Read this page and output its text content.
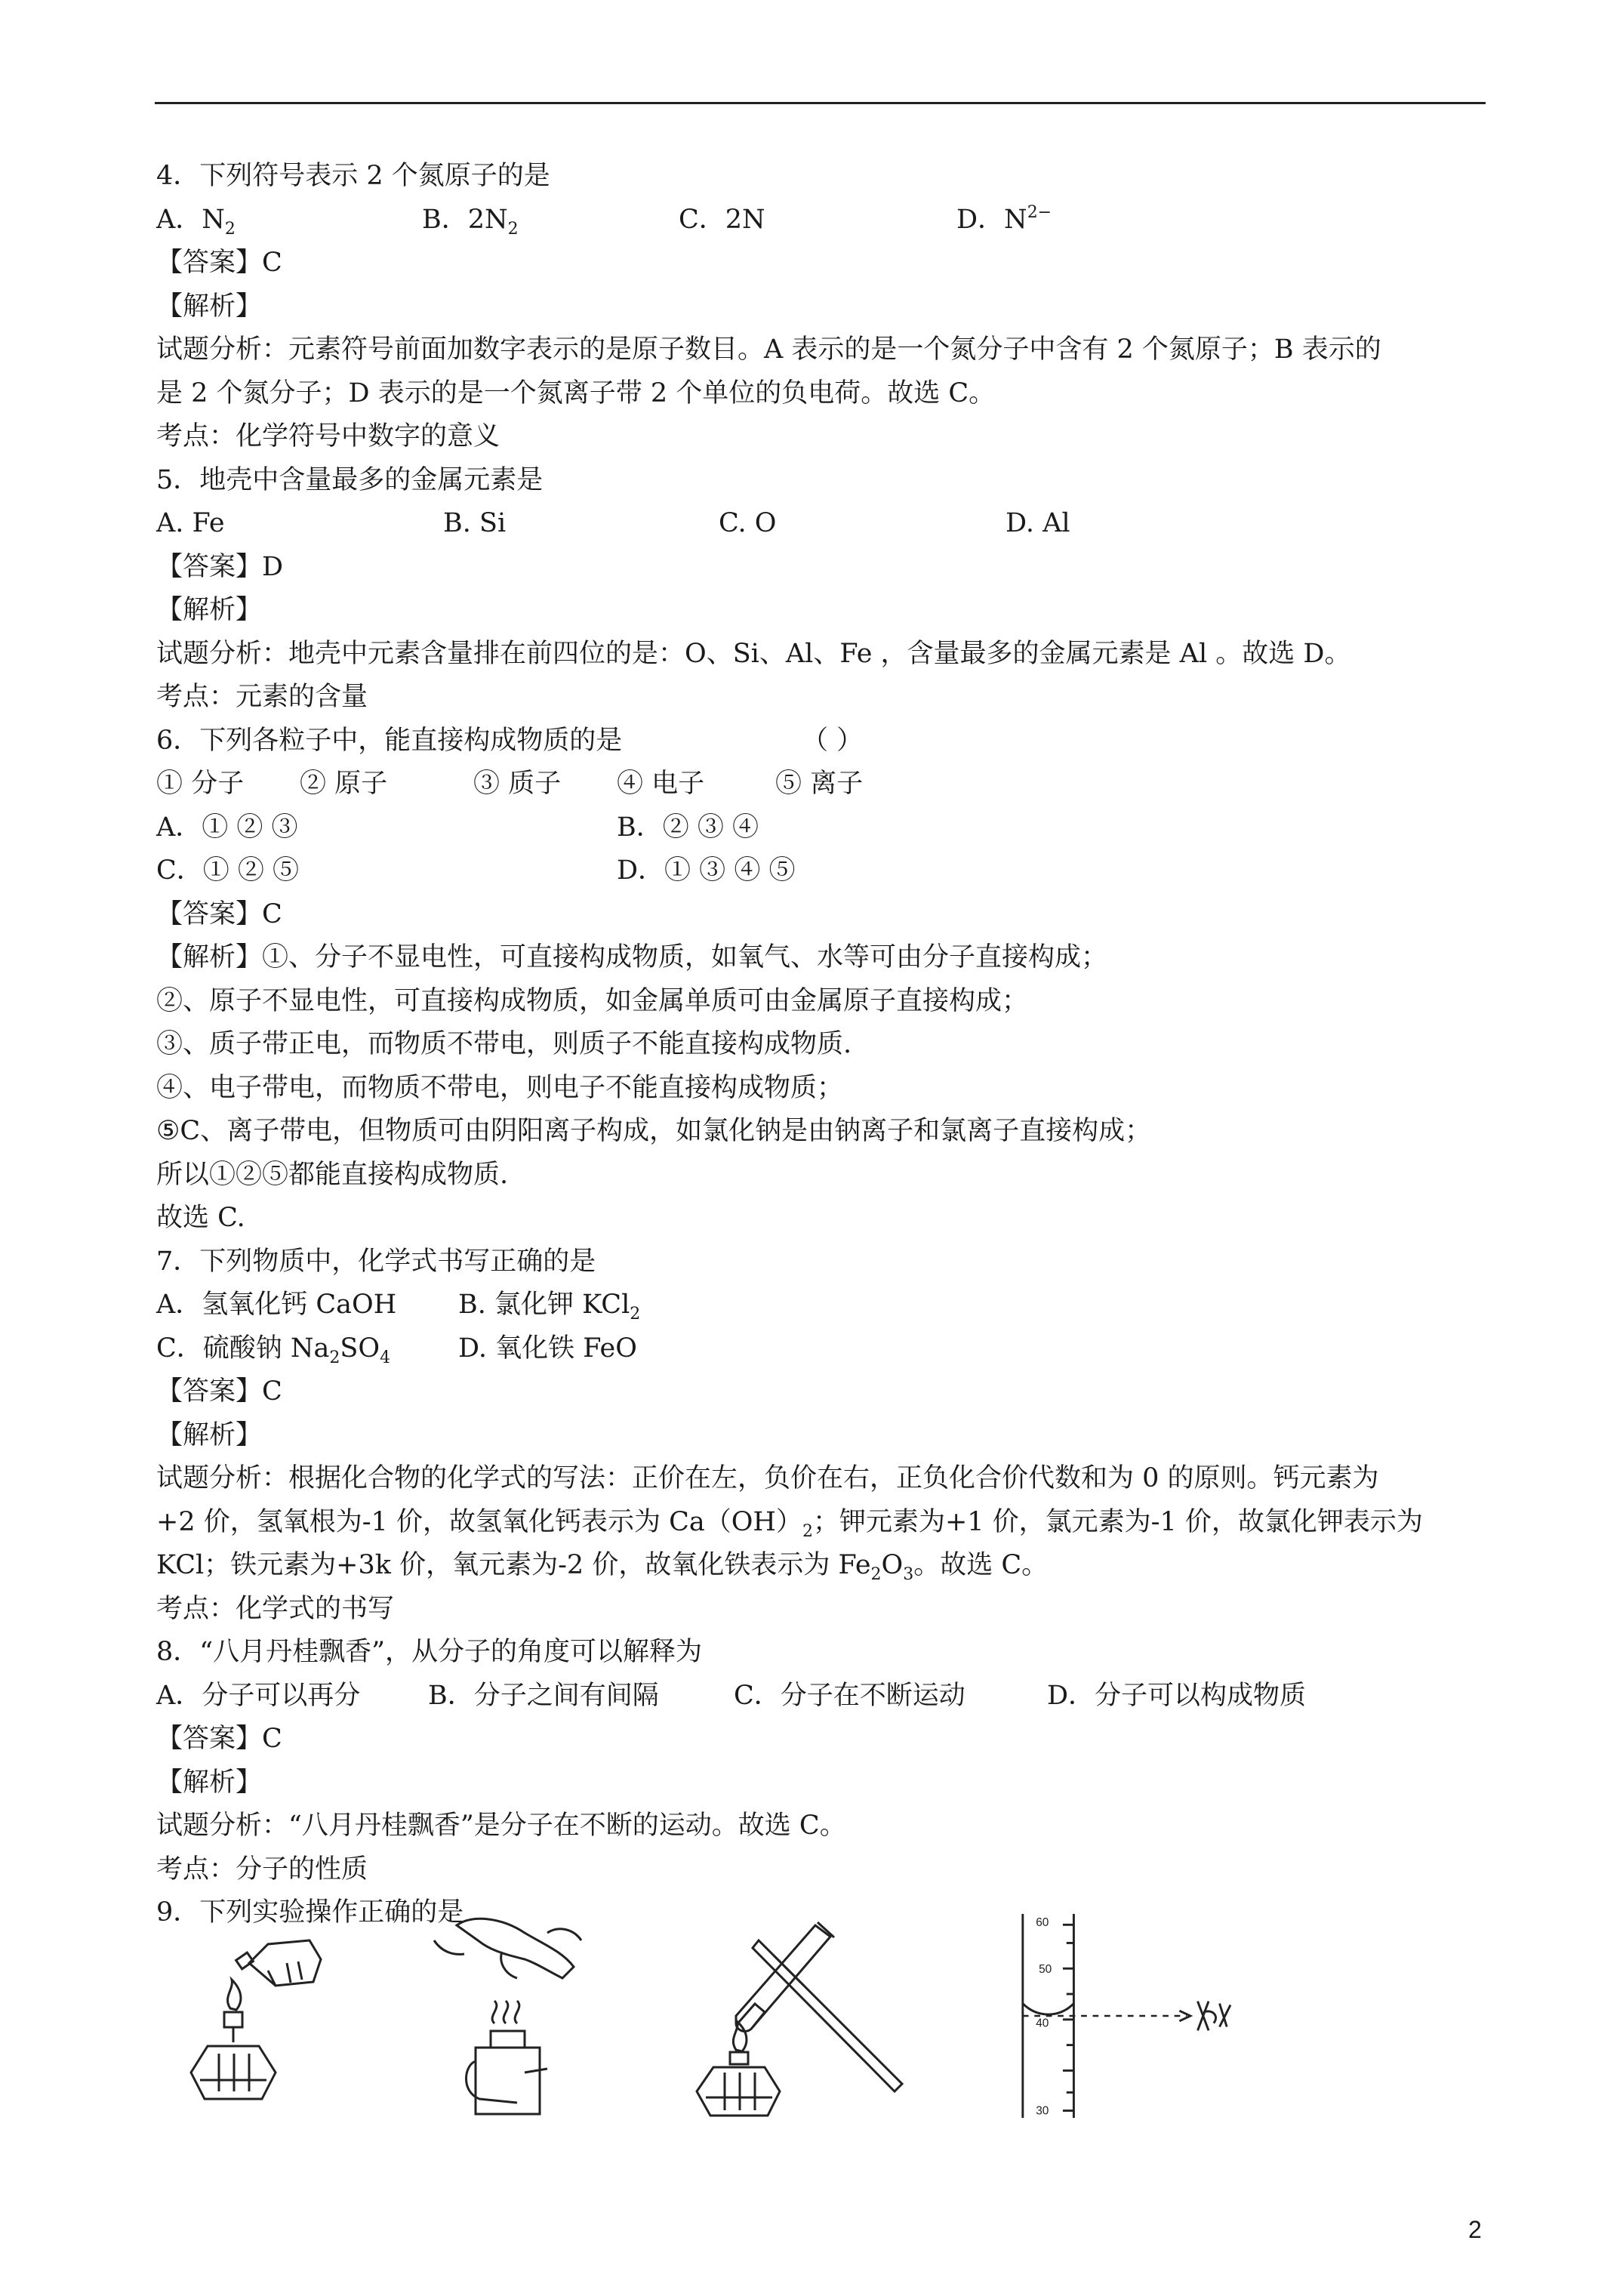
4．下列符号表示 2 个氮原子的是
A．$N_2$	B．$2N_2$	C．2N	D．$N^{2-}$
【答案】C
【解析】
试题分析：元素符号前面加数字表示的是原子数目。A 表示的是一个氮分子中含有 2 个氮原子；B 表示的
是 2 个氮分子；D 表示的是一个氮离子带 2 个单位的负电荷。故选 C。
考点：化学符号中数字的意义
5．地壳中含量最多的金属元素是
A. Fe	B. Si	C. O	D. Al
【答案】D
【解析】
试题分析：地壳中元素含量排在前四位的是：O、Si、Al、Fe ，含量最多的金属元素是 Al 。故选 D。
考点：元素的含量
6．下列各粒子中，能直接构成物质的是	（ ）
① 分子 ② 原子	③ 质子 ④ 电子	⑤ 离子
A．① ② ③	B．② ③ ④
C．① ② ⑤	D．① ③ ④ ⑤
【答案】C
【解析】①、分子不显电性，可直接构成物质，如氧气、水等可由分子直接构成；
②、原子不显电性，可直接构成物质，如金属单质可由金属原子直接构成；
③、质子带正电，而物质不带电，则质子不能直接构成物质.
④、电子带电，而物质不带电，则电子不能直接构成物质；
⑤C、离子带电，但物质可由阴阳离子构成，如氯化钠是由钠离子和氯离子直接构成；
所以①②⑤都能直接构成物质.
故选 C.
7．下列物质中，化学式书写正确的是
A．氢氧化钙 CaOH B. 氯化钾 KCl$_2$
C．硫酸钠 $Na_2SO_4$	D. 氧化铁 FeO
【答案】C
【解析】
试题分析：根据化合物的化学式的写法：正价在左，负价在右，正负化合价代数和为 0 的原则。钙元素为
+2 价，氢氧根为-1 价，故氢氧化钙表示为 $Ca(OH)_2$；钾元素为+1 价，氯元素为-1 价，故氯化钾表示为
KCl；铁元素为+3k 价，氧元素为-2 价，故氧化铁表示为 $Fe_2O_3$。故选 C。
考点：化学式的书写
8．“八月丹桂飘香”，从分子的角度可以解释为
A．分子可以再分	B．分子之间有间隔	C．分子在不断运动	D．分子可以构成物质
【答案】C
【解析】
试题分析：“八月丹桂飘香”是分子在不断的运动。故选 C。
考点：分子的性质
9．下列实验操作正确的是	60
50
40
30
2
